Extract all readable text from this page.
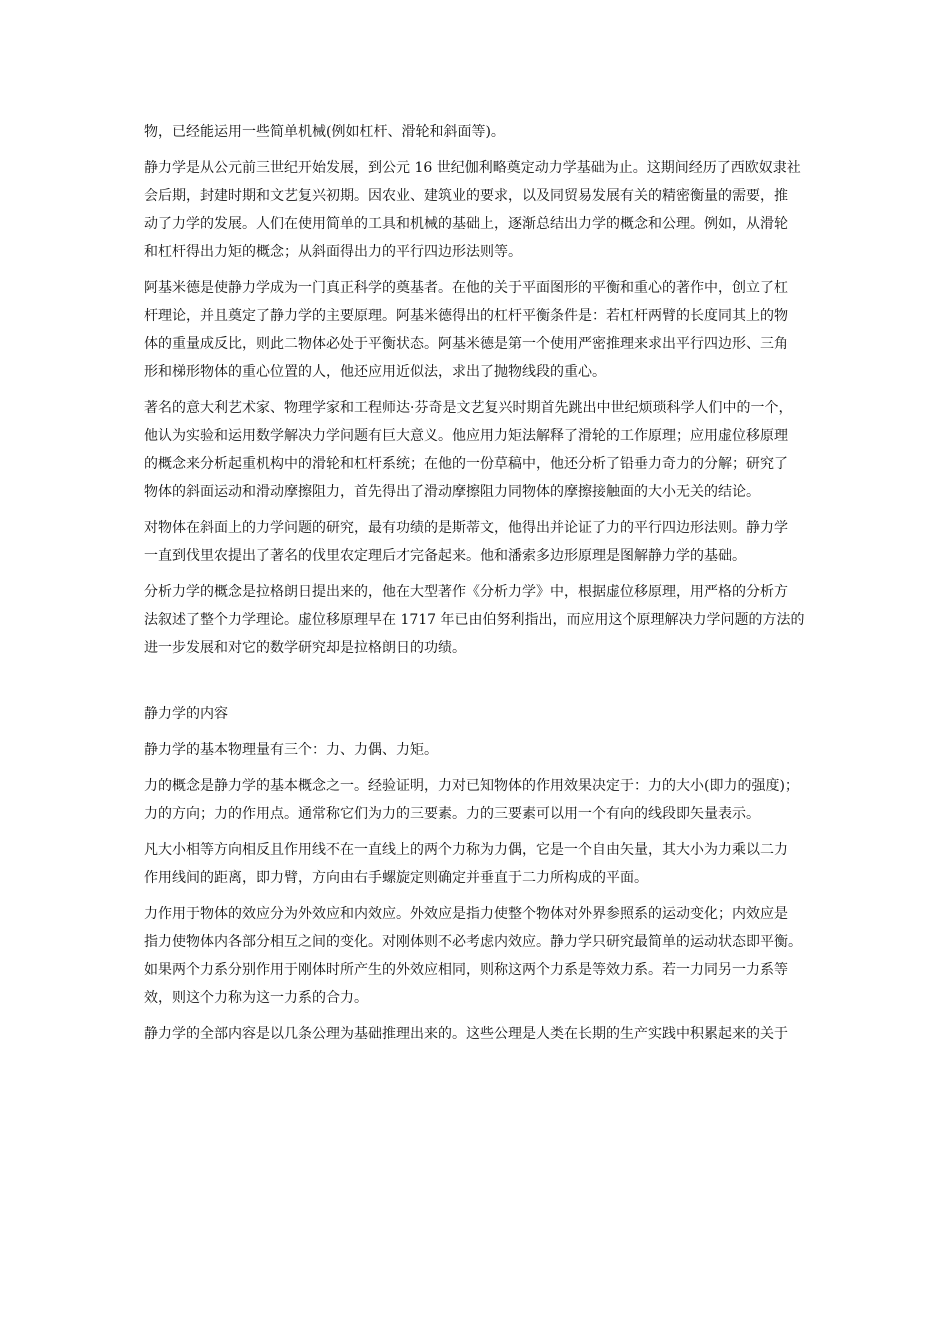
物，已经能运用一些简单机械(例如杠杆、滑轮和斜面等)。
静力学是从公元前三世纪开始发展，到公元 16 世纪伽利略奠定动力学基础为止。这期间经历了西欧奴隶社
会后期，封建时期和文艺复兴初期。因农业、建筑业的要求，以及同贸易发展有关的精密衡量的需要，推
动了力学的发展。人们在使用简单的工具和机械的基础上，逐渐总结出力学的概念和公理。例如，从滑轮
和杠杆得出力矩的概念；从斜面得出力的平行四边形法则等。
阿基米德是使静力学成为一门真正科学的奠基者。在他的关于平面图形的平衡和重心的著作中，创立了杠
杆理论，并且奠定了静力学的主要原理。阿基米德得出的杠杆平衡条件是：若杠杆两臂的长度同其上的物
体的重量成反比，则此二物体必处于平衡状态。阿基米德是第一个使用严密推理来求出平行四边形、三角
形和梯形物体的重心位置的人，他还应用近似法，求出了抛物线段的重心。
著名的意大利艺术家、物理学家和工程师达·芬奇是文艺复兴时期首先跳出中世纪烦琐科学人们中的一个，
他认为实验和运用数学解决力学问题有巨大意义。他应用力矩法解释了滑轮的工作原理；应用虚位移原理
的概念来分析起重机构中的滑轮和杠杆系统；在他的一份草稿中，他还分析了铅垂力奇力的分解；研究了
物体的斜面运动和滑动摩擦阻力，首先得出了滑动摩擦阻力同物体的摩擦接触面的大小无关的结论。
对物体在斜面上的力学问题的研究，最有功绩的是斯蒂文，他得出并论证了力的平行四边形法则。静力学
一直到伐里农提出了著名的伐里农定理后才完备起来。他和潘索多边形原理是图解静力学的基础。
分析力学的概念是拉格朗日提出来的，他在大型著作《分析力学》中，根据虚位移原理，用严格的分析方
法叙述了整个力学理论。虚位移原理早在 1717 年已由伯努利指出，而应用这个原理解决力学问题的方法的
进一步发展和对它的数学研究却是拉格朗日的功绩。
静力学的内容
静力学的基本物理量有三个：力、力偶、力矩。
力的概念是静力学的基本概念之一。经验证明，力对已知物体的作用效果决定于：力的大小(即力的强度)；
力的方向；力的作用点。通常称它们为力的三要素。力的三要素可以用一个有向的线段即矢量表示。
凡大小相等方向相反且作用线不在一直线上的两个力称为力偶，它是一个自由矢量，其大小为力乘以二力
作用线间的距离，即力臂，方向由右手螺旋定则确定并垂直于二力所构成的平面。
力作用于物体的效应分为外效应和内效应。外效应是指力使整个物体对外界参照系的运动变化；内效应是
指力使物体内各部分相互之间的变化。对刚体则不必考虑内效应。静力学只研究最简单的运动状态即平衡。
如果两个力系分别作用于刚体时所产生的外效应相同，则称这两个力系是等效力系。若一力同另一力系等
效，则这个力称为这一力系的合力。
静力学的全部内容是以几条公理为基础推理出来的。这些公理是人类在长期的生产实践中积累起来的关于
